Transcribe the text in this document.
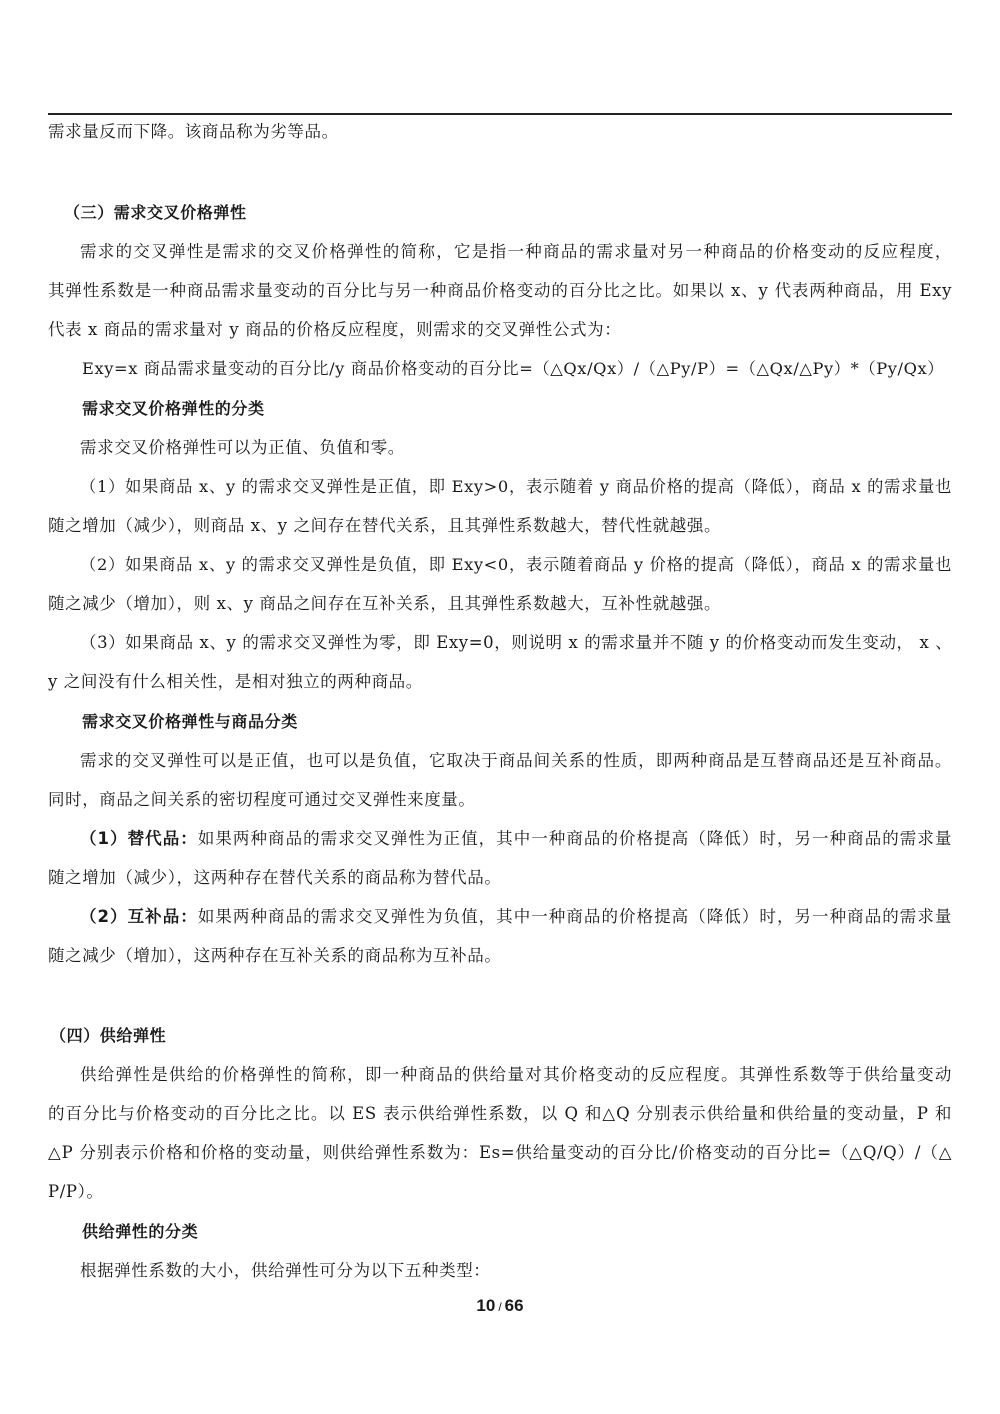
需求量反而下降。该商品称为劣等品。
（三）需求交叉价格弹性
需求的交叉弹性是需求的交叉价格弹性的简称，它是指一种商品的需求量对另一种商品的价格变动的反应程度，
其弹性系数是一种商品需求量变动的百分比与另一种商品价格变动的百分比之比。如果以 x、y 代表两种商品，用 Exy
代表 x 商品的需求量对 y 商品的价格反应程度，则需求的交叉弹性公式为：
Exy=x 商品需求量变动的百分比/y 商品价格变动的百分比=（△Qx/Qx）/（△Py/P）=（△Qx/△Py）*（Py/Qx）
需求交叉价格弹性的分类
需求交叉价格弹性可以为正值、负值和零。
（1）如果商品 x、y 的需求交叉弹性是正值，即 Exy>0，表示随着 y 商品价格的提高（降低），商品 x 的需求量也
随之增加（减少），则商品 x、y 之间存在替代关系，且其弹性系数越大，替代性就越强。
（2）如果商品 x、y 的需求交叉弹性是负值，即 Exy<0，表示随着商品 y 价格的提高（降低），商品 x 的需求量也
随之减少（增加），则 x、y 商品之间存在互补关系，且其弹性系数越大，互补性就越强。
（3）如果商品 x、y 的需求交叉弹性为零，即 Exy=0，则说明 x 的需求量并不随 y 的价格变动而发生变动， x 、
y 之间没有什么相关性，是相对独立的两种商品。
需求交叉价格弹性与商品分类
需求的交叉弹性可以是正值，也可以是负值，它取决于商品间关系的性质，即两种商品是互替商品还是互补商品。
同时，商品之间关系的密切程度可通过交叉弹性来度量。
（1）替代品：如果两种商品的需求交叉弹性为正值，其中一种商品的价格提高（降低）时，另一种商品的需求量
随之增加（减少），这两种存在替代关系的商品称为替代品。
（2）互补品：如果两种商品的需求交叉弹性为负值，其中一种商品的价格提高（降低）时，另一种商品的需求量
随之减少（增加），这两种存在互补关系的商品称为互补品。
（四）供给弹性
供给弹性是供给的价格弹性的简称，即一种商品的供给量对其价格变动的反应程度。其弹性系数等于供给量变动
的百分比与价格变动的百分比之比。以 ES 表示供给弹性系数，以 Q 和△Q 分别表示供给量和供给量的变动量，P 和
△P 分别表示价格和价格的变动量，则供给弹性系数为：Es=供给量变动的百分比/价格变动的百分比=（△Q/Q）/（△
P/P）。
供给弹性的分类
根据弹性系数的大小，供给弹性可分为以下五种类型：
10 / 66
